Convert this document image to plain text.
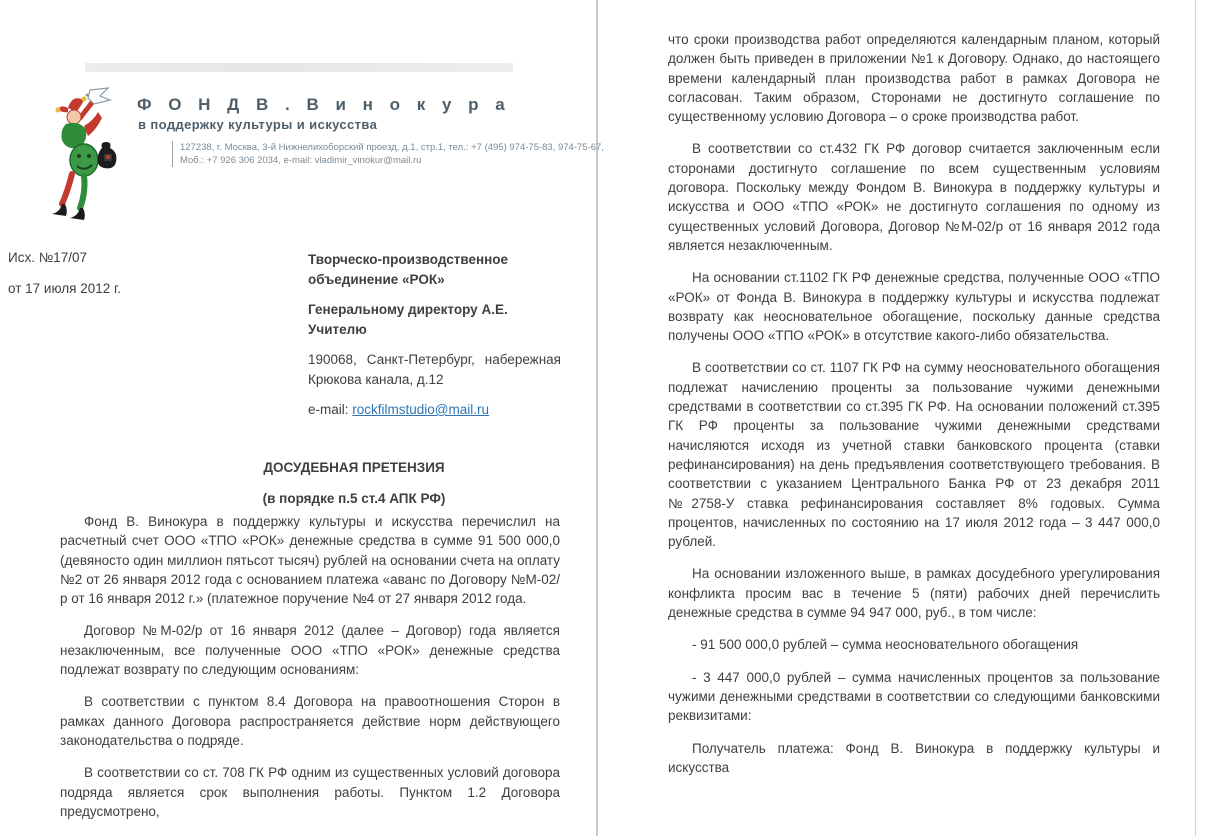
Ф О Н Д В . В и н о к у р а
в поддержку культуры и искусства
127238, г. Москва, 3-й Нижнелихоборский проезд, д.1, стр.1, тел.: +7 (495) 974-75-83, 974-75-67,
Моб.: +7 926 306 2034, e-mail: vladimir_vinokur@mail.ru
Исх. №17/07
от 17 июля 2012 г.
Творческо-производственное
объединение «РОК»
Генеральному директору А.Е. Учителю
190068, Санкт-Петербург, набережная Крюкова канала, д.12
e-mail: rockfilmstudio@mail.ru

ДОСУДЕБНАЯ ПРЕТЕНЗИЯ

(в порядке п.5 ст.4 АПК РФ)

Фонд В. Винокура в поддержку культуры и искусства перечислил на расчетный счет ООО «ТПО «РОК» денежные средства в сумме 91 500 000,0 (девяносто один миллион пятьсот тысяч) рублей на основании счета на оплату №2 от 26 января 2012 года с основанием платежа «аванс по Договору №М-02/р от 16 января 2012 г.» (платежное поручение №4 от 27 января 2012 года.

Договор №М-02/р от 16 января 2012 (далее – Договор) года является незаключенным, все полученные ООО «ТПО «РОК» денежные средства подлежат возврату по следующим основаниям:

В соответствии с пунктом 8.4 Договора на правоотношения Сторон в рамках данного Договора распространяется действие норм действующего законодательства о подряде.

В соответствии со ст. 708 ГК РФ одним из существенных условий договора подряда является срок выполнения работы. Пунктом 1.2 Договора предусмотрено,

что сроки производства работ определяются календарным планом, который должен быть приведен в приложении №1 к Договору. Однако, до настоящего времени календарный план производства работ в рамках Договора не согласован. Таким образом, Сторонами не достигнуто соглашение по существенному условию Договора – о сроке производства работ.

В соответствии со ст.432 ГК РФ договор считается заключенным если сторонами достигнуто соглашение по всем существенным условиям договора. Поскольку между Фондом В. Винокура в поддержку культуры и искусства и ООО «ТПО «РОК» не достигнуто соглашения по одному из существенных условий Договора, Договор №М-02/р от 16 января 2012 года является незаключенным.

На основании ст.1102 ГК РФ денежные средства, полученные ООО «ТПО «РОК» от Фонда В. Винокура в поддержку культуры и искусства подлежат возврату как неосновательное обогащение, поскольку данные средства получены ООО «ТПО «РОК» в отсутствие какого-либо обязательства.

В соответствии со ст. 1107 ГК РФ на сумму неосновательного обогащения подлежат начислению проценты за пользование чужими денежными средствами в соответствии со ст.395 ГК РФ. На основании положений ст.395 ГК РФ проценты за пользование чужими денежными средствами начисляются исходя из учетной ставки банковского процента (ставки рефинансирования) на день предъявления соответствующего требования. В соответствии с указанием Центрального Банка РФ от 23 декабря 2011 №2758-У ставка рефинансирования составляет 8% годовых. Сумма процентов, начисленных по состоянию на 17 июля 2012 года – 3 447 000,0 рублей.

На основании изложенного выше, в рамках досудебного урегулирования конфликта просим вас в течение 5 (пяти) рабочих дней перечислить денежные средства в сумме 94 947 000, руб., в том числе:

- 91 500 000,0 рублей – сумма неосновательного обогащения

- 3 447 000,0 рублей – сумма начисленных процентов за пользование чужими денежными средствами в соответствии со следующими банковскими реквизитами:

Получатель платежа: Фонд В. Винокура в поддержку культуры и искусства
